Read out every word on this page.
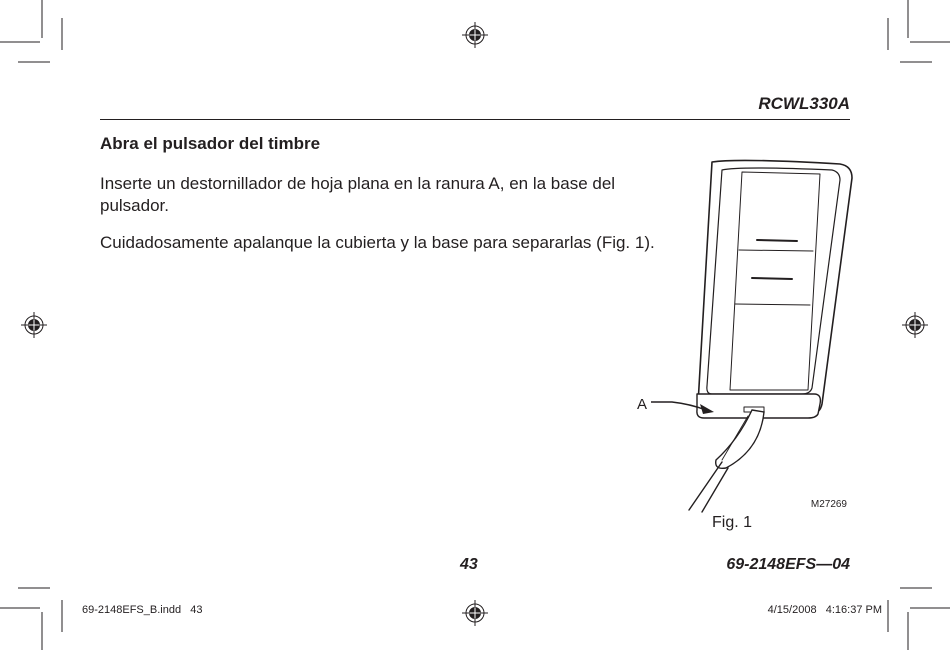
RCWL330A
Abra el pulsador del timbre
Inserte un destornillador de hoja plana en la ranura A, en la base del pulsador.
Cuidadosamente apalanque la cubierta y la base para separarlas (Fig. 1).
A
M27269
Fig. 1
43	69-2148EFS—04
69-2148EFS_B.indd   43	4/15/2008   4:16:37 PM
